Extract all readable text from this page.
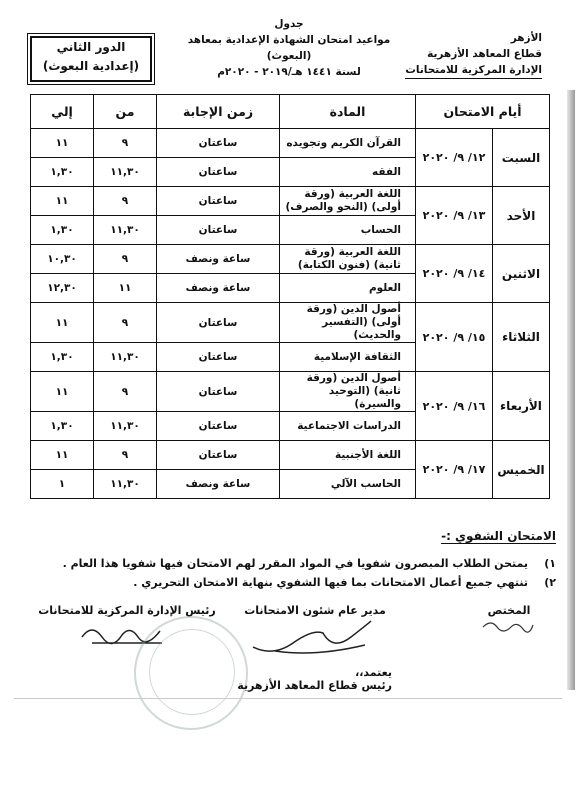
الأزهر
قطاع المعاهد الأزهرية
الإدارة المركزية للامتحانات
جدول
مواعيد امتحان الشهادة الإعدادية بمعاهد (البعوث)
لسنة ١٤٤١ هـ/٢٠١٩ - ٢٠٢٠م
الدور الثاني
(إعدادية البعوث)
أيام الامتحان		المادة	زمن الإجابة	من	إلي
السبت	١٢/ ٩/ ٢٠٢٠	القرآن الكريم وتجويده	ساعتان	٩	١١
		الفقه	ساعتان	١١,٣٠	١,٣٠
الأحد	١٣/ ٩/ ٢٠٢٠	اللغة العربية (ورقة أولى) (النحو والصرف)	ساعتان	٩	١١
		الحساب	ساعتان	١١,٣٠	١,٣٠
الاثنين	١٤/ ٩/ ٢٠٢٠	اللغة العربية (ورقة ثانية) (فنون الكتابة)	ساعة ونصف	٩	١٠,٣٠
		العلوم	ساعة ونصف	١١	١٢,٣٠
الثلاثاء	١٥/ ٩/ ٢٠٢٠	أصول الدين (ورقة أولى) (التفسير والحديث)	ساعتان	٩	١١
		الثقافة الإسلامية	ساعتان	١١,٣٠	١,٣٠
الأربعاء	١٦/ ٩/ ٢٠٢٠	أصول الدين (ورقة ثانية) (التوحيد والسيرة)	ساعتان	٩	١١
		الدراسات الاجتماعية	ساعتان	١١,٣٠	١,٣٠
الخميس	١٧/ ٩/ ٢٠٢٠	اللغة الأجنبية	ساعتان	٩	١١
		الحاسب الآلي	ساعة ونصف	١١,٣٠	١
الامتحان الشفوي :-
١)
يمتحن الطلاب المبصرون شفويا في المواد المقرر لهم الامتحان فيها شفويا هذا العام .
٢)
تنتهي جميع أعمال الامتحانات بما فيها الشفوي بنهاية الامتحان التحريري .
المختص
مدير عام شئون الامتحانات
رئيس الإدارة المركزية للامتحانات
يعتمد،،
رئيس قطاع المعاهد الأزهرية
